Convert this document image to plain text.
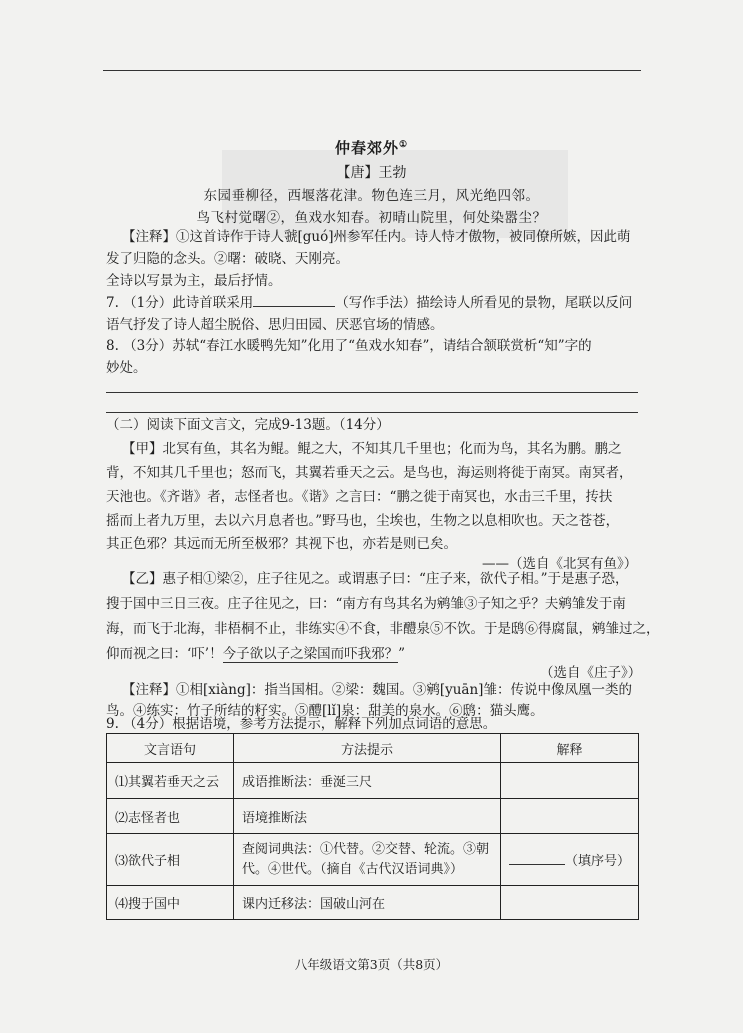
仲春郊外①
【唐】王勃
东园垂柳径，西堰落花津。物色连三月，风光绝四邻。
鸟飞村觉曙②，鱼戏水知春。初晴山院里，何处染嚣尘？
【注释】①这首诗作于诗人虢[guó]州参军任内。诗人恃才傲物，被同僚所嫉，因此萌
发了归隐的念头。②曙：破晓、天刚亮。
全诗以写景为主，最后抒情。
7. （1分）此诗首联采用	（写作手法）描绘诗人所看见的景物，尾联以反问
语气抒发了诗人超尘脱俗、思归田园、厌恶官场的情感。
8. （3分）苏轼“春江水暖鸭先知”化用了“鱼戏水知春”，请结合颔联赏析“知”字的
妙处。
（二）阅读下面文言文，完成9-13题。（14分）
【甲】北冥有鱼，其名为鲲。鲲之大，不知其几千里也；化而为鸟，其名为鹏。鹏之
背，不知其几千里也；怒而飞，其翼若垂天之云。是鸟也，海运则将徙于南冥。南冥者，
天池也。《齐谐》者，志怪者也。《谐》之言曰：“鹏之徙于南冥也，水击三千里，抟扶
摇而上者九万里，去以六月息者也。”野马也，尘埃也，生物之以息相吹也。天之苍苍，
其正色邪？其远而无所至极邪？其视下也，亦若是则已矣。
——（选自《北冥有鱼》）
【乙】惠子相①梁②，庄子往见之。或谓惠子曰：“庄子来，欲代子相。”于是惠子恐，
搜于国中三日三夜。庄子往见之，曰：“南方有鸟其名为鹓雏③子知之乎？夫鹓雏发于南
海，而飞于北海，非梧桐不止，非练实④不食，非醴泉⑤不饮。于是鸱⑥得腐鼠，鹓雏过之，
仰而视之曰：‘吓’！今子欲以子之梁国而吓我邪？”
（选自《庄子》）
【注释】①相[xiàng]：指当国相。②梁：魏国。③鹓[yuān]雏：传说中像凤凰一类的
鸟。④练实：竹子所结的籽实。⑤醴[lǐ]泉：甜美的泉水。⑥鸱：猫头鹰。
9. （4分）根据语境，参考方法提示，解释下列加点词语的意思。
文言语句	方法提示	解释
⑴其翼若垂天之云	成语推断法：垂涎三尺	
⑵志怪者也	语境推断法	
⑶欲代子相	查阅词典法：①代替。②交替、轮流。③朝
代。④世代。（摘自《古代汉语词典》）	（填序号）
⑷搜于国中	课内迁移法：国破山河在	
八年级语文第3页（共8页）
